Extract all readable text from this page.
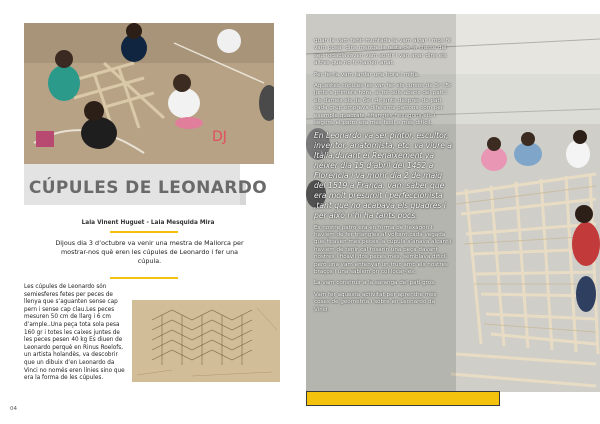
DJ
CÚPULES DE LEONARDO
Laia Vinent Huguet - Laia Mesquida Mira

Dijous dia 3 d’octubre va venir una mestra de Mallorca per mostrar-nos què eren les cúpules de Leonardo i fer una cúpula.

Les cúpules de Leonardo són semiesferes fetes per peces de llenya que s’aguanten sense cap pern i sense cap clau.Les peces mesuren 50 cm de llarg i 6 cm d’ample..Una peça tota sola pesa 160 gr i totes les caixes juntes de les peces pesen 40 kg Es diuen de Leonardo perquè en Rinus Roelofs, un artista holandès, va descobrir que un dibuix d’en Leonardo da Vinci no només eren línies sino que era la forma de les cúpules.

04

quan la vam tenir muntada la vam alçar i mos hi vam posar dins mentre la resta de la classe del seu rodaclavaven vam sortir i van anar dins els altres que no hi havien anat.

Per fer-la vam tardar una hora i mitja.

Aquestes cúpules les van fer els cursos de 3r i 5r junts a primera hora, al tot sols abans del pati i els dames els de 6è i 4t junts després de pati. cada grup empreva diferents patrons com per exemple quadrats, triangles,hexagons,etc i segons el patró era més fàcil o més difícil.

En Leonardo va ser pintor, escultor, inventor, anatomista, etc. va viure a Itàlia,durant el Renaixement va néixer dia 15 d’abril del 1452 a Florència i va morir dia 2 de maig del 1519 a França. vam saber que era molt presumit i perfeccionista ,tant que no acabava els quadres i per això n’hi ha tants pocs.

Es nostre patró era en forma de hexàgon i havíem de fer triangles al voltant.cada vegada que ficaven més peces la cúpula s’anava alçant.i havíem de tenir cal fosarin una peça davant nostres i ficavil dos peces més, semblava difícil però una vam entenyar un truc amb els nostres braços i una sablem on col·locar-les.

La vam construir a la saranga del pati gros.

Vam fer aquesta activitat per aprendre més coses de geometria i sobre en Leonardo da Vinci.
